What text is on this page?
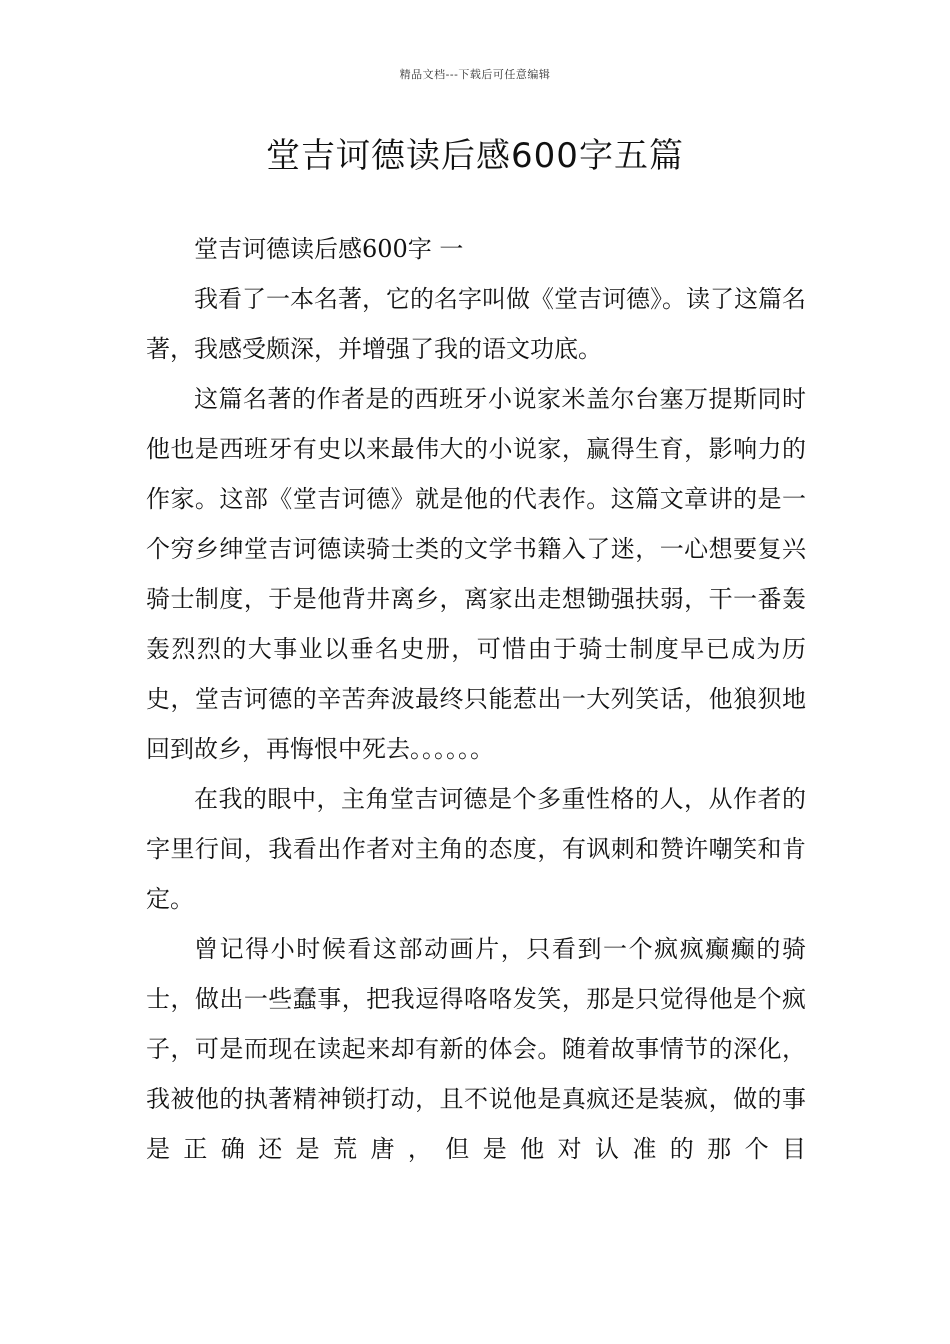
精品文档---下载后可任意编辑
堂吉诃德读后感600字五篇

堂吉诃德读后感600字 一

我看了一本名著，它的名字叫做《堂吉诃德》。读了这篇名著，我感受颇深，并增强了我的语文功底。

这篇名著的作者是的西班牙小说家米盖尔台塞万提斯同时他也是西班牙有史以来最伟大的小说家，赢得生育，影响力的作家。这部《堂吉诃德》就是他的代表作。这篇文章讲的是一个穷乡绅堂吉诃德读骑士类的文学书籍入了迷，一心想要复兴骑士制度，于是他背井离乡，离家出走想锄强扶弱，干一番轰轰烈烈的大事业以垂名史册，可惜由于骑士制度早已成为历史，堂吉诃德的辛苦奔波最终只能惹出一大列笑话，他狼狈地回到故乡，再悔恨中死去。。。。。。

在我的眼中，主角堂吉诃德是个多重性格的人，从作者的字里行间，我看出作者对主角的态度，有讽刺和赞许嘲笑和肯定。

曾记得小时候看这部动画片，只看到一个疯疯癫癫的骑士，做出一些蠢事，把我逗得咯咯发笑，那是只觉得他是个疯子，可是而现在读起来却有新的体会。随着故事情节的深化，我被他的执著精神锁打动，且不说他是真疯还是装疯，做的事是正确还是荒唐，但是他对认准的那个目
